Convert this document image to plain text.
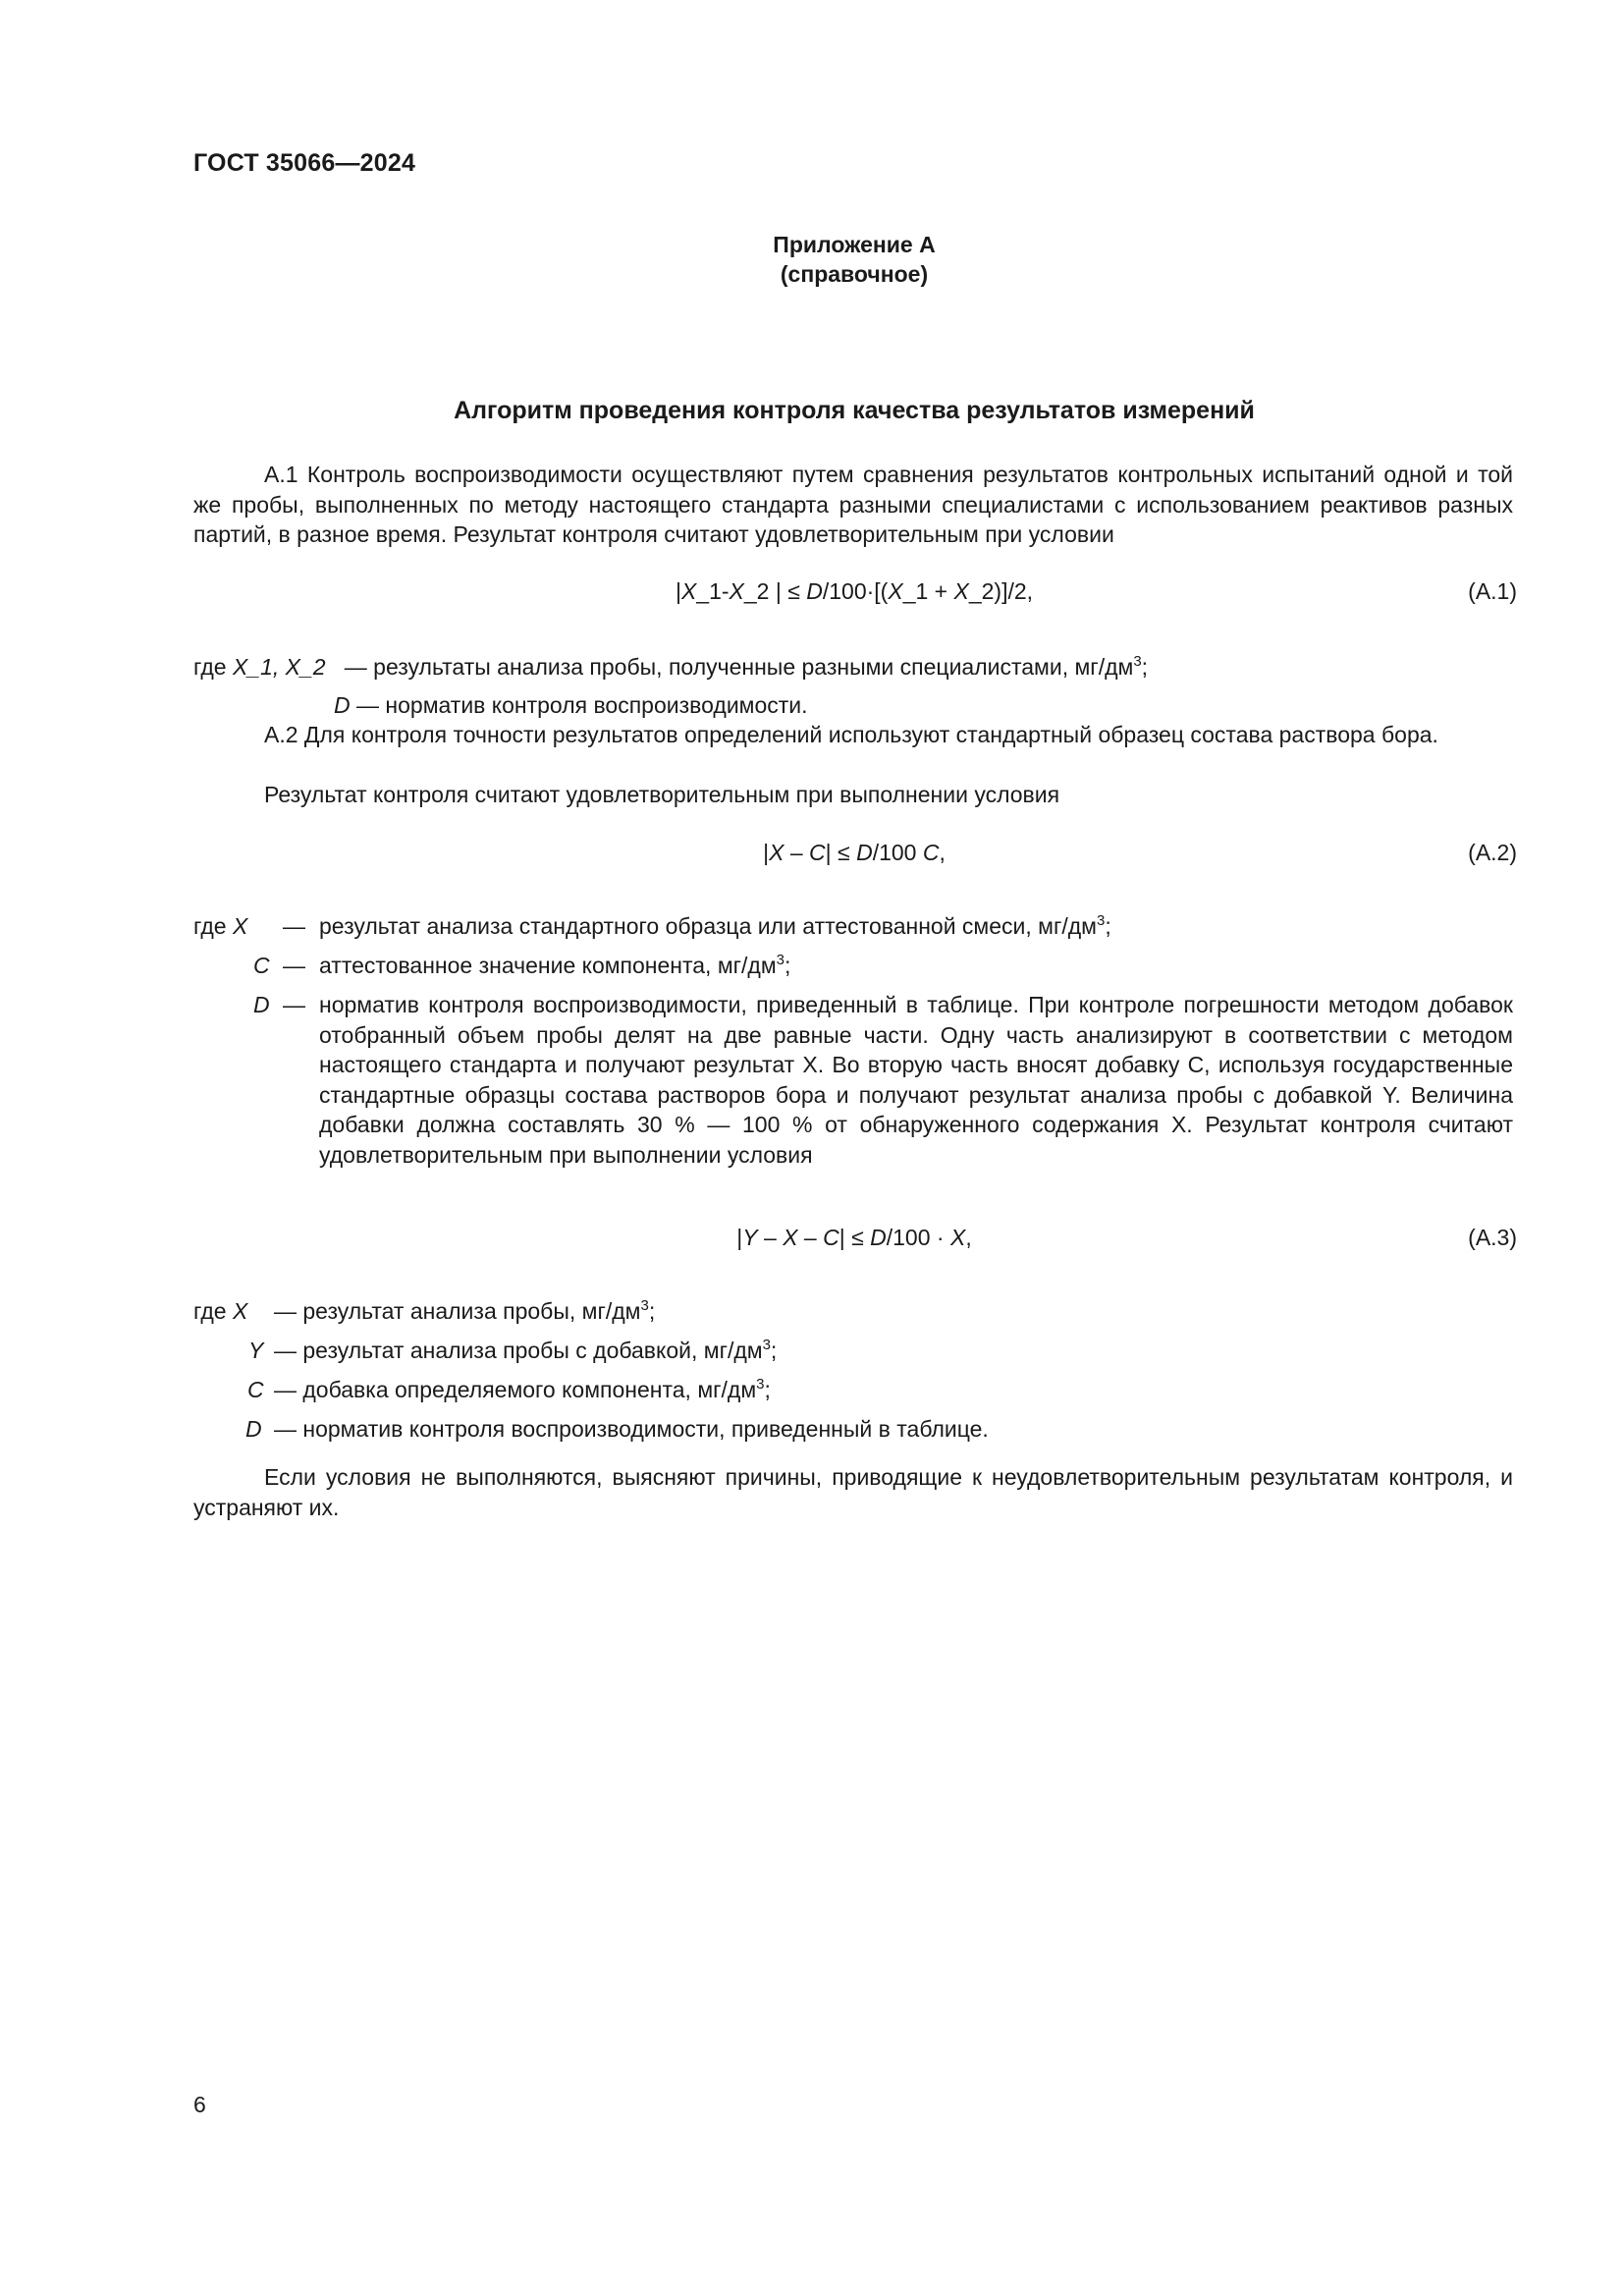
ГОСТ 35066—2024
Приложение А
(справочное)
Алгоритм проведения контроля качества результатов измерений
А.1 Контроль воспроизводимости осуществляют путем сравнения результатов контрольных испытаний одной и той же пробы, выполненных по методу настоящего стандарта разными специалистами с использованием реактивов разных партий, в разное время. Результат контроля считают удовлетворительным при условии
|X_1-X_2 | ≤ D/100·[(X_1 + X_2)]/2,	(А.1)
где X_1, X_2 — результаты анализа пробы, полученные разными специалистами, $мг/дм^3$;
D — норматив контроля воспроизводимости.
А.2 Для контроля точности результатов определений используют стандартный образец состава раствора бора.
Результат контроля считают удовлетворительным при выполнении условия
|X – C| ≤ D/100 C,	(А.2)
где X — результат анализа стандартного образца или аттестованной смеси, $мг/дм^3$;
C — аттестованное значение компонента, $мг/дм^3$;
D — норматив контроля воспроизводимости, приведенный в таблице. При контроле погрешности методом добавок отобранный объем пробы делят на две равные части. Одну часть анализируют в соответствии с методом настоящего стандарта и получают результат X. Во вторую часть вносят добавку C, используя государственные стандартные образцы состава растворов бора и получают результат анализа пробы с добавкой Y. Величина добавки должна составлять 30 % — 100 % от обнаруженного содержания X. Результат контроля считают удовлетворительным при выполнении условия
|Y – X – C| ≤ D/100 · X,	(А.3)
где X — результат анализа пробы, $мг/дм^3$;
Y — результат анализа пробы с добавкой, $мг/дм^3$;
C — добавка определяемого компонента, $мг/дм^3$;
D — норматив контроля воспроизводимости, приведенный в таблице.
Если условия не выполняются, выясняют причины, приводящие к неудовлетворительным результатам контроля, и устраняют их.
6
